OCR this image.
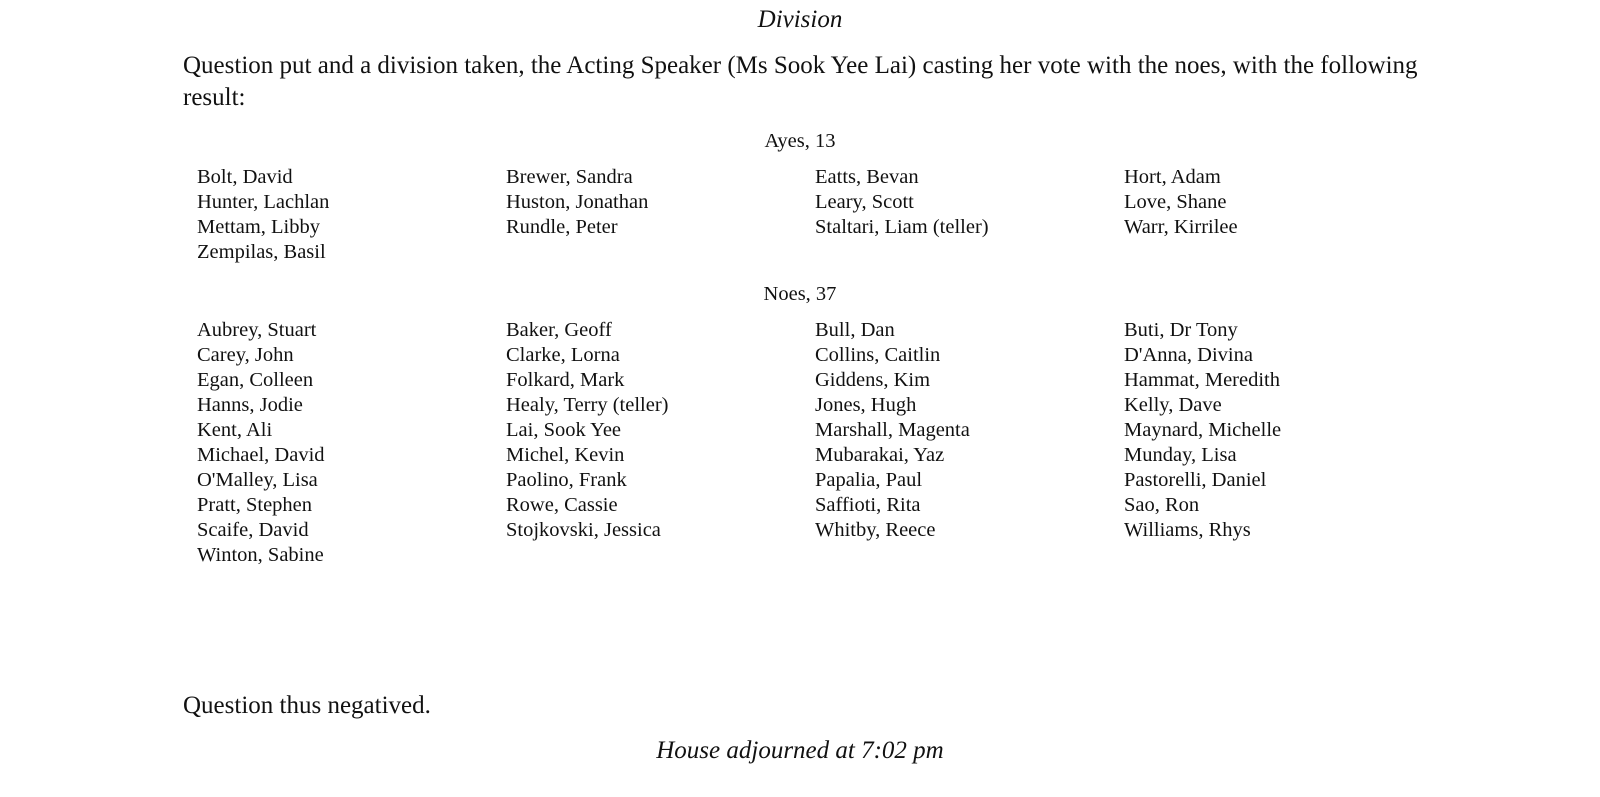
Division
Question put and a division taken, the Acting Speaker (Ms Sook Yee Lai) casting her vote with the noes, with the following result:
Ayes, 13
Bolt, David	Brewer, Sandra	Eatts, Bevan	Hort, Adam
Hunter, Lachlan	Huston, Jonathan	Leary, Scott	Love, Shane
Mettam, Libby	Rundle, Peter	Staltari, Liam (teller)	Warr, Kirrilee
Zempilas, Basil
Noes, 37
Aubrey, Stuart	Baker, Geoff	Bull, Dan	Buti, Dr Tony
Carey, John	Clarke, Lorna	Collins, Caitlin	D'Anna, Divina
Egan, Colleen	Folkard, Mark	Giddens, Kim	Hammat, Meredith
Hanns, Jodie	Healy, Terry (teller)	Jones, Hugh	Kelly, Dave
Kent, Ali	Lai, Sook Yee	Marshall, Magenta	Maynard, Michelle
Michael, David	Michel, Kevin	Mubarakai, Yaz	Munday, Lisa
O'Malley, Lisa	Paolino, Frank	Papalia, Paul	Pastorelli, Daniel
Pratt, Stephen	Rowe, Cassie	Saffioti, Rita	Sao, Ron
Scaife, David	Stojkovski, Jessica	Whitby, Reece	Williams, Rhys
Winton, Sabine
Question thus negatived.
House adjourned at 7:02 pm
